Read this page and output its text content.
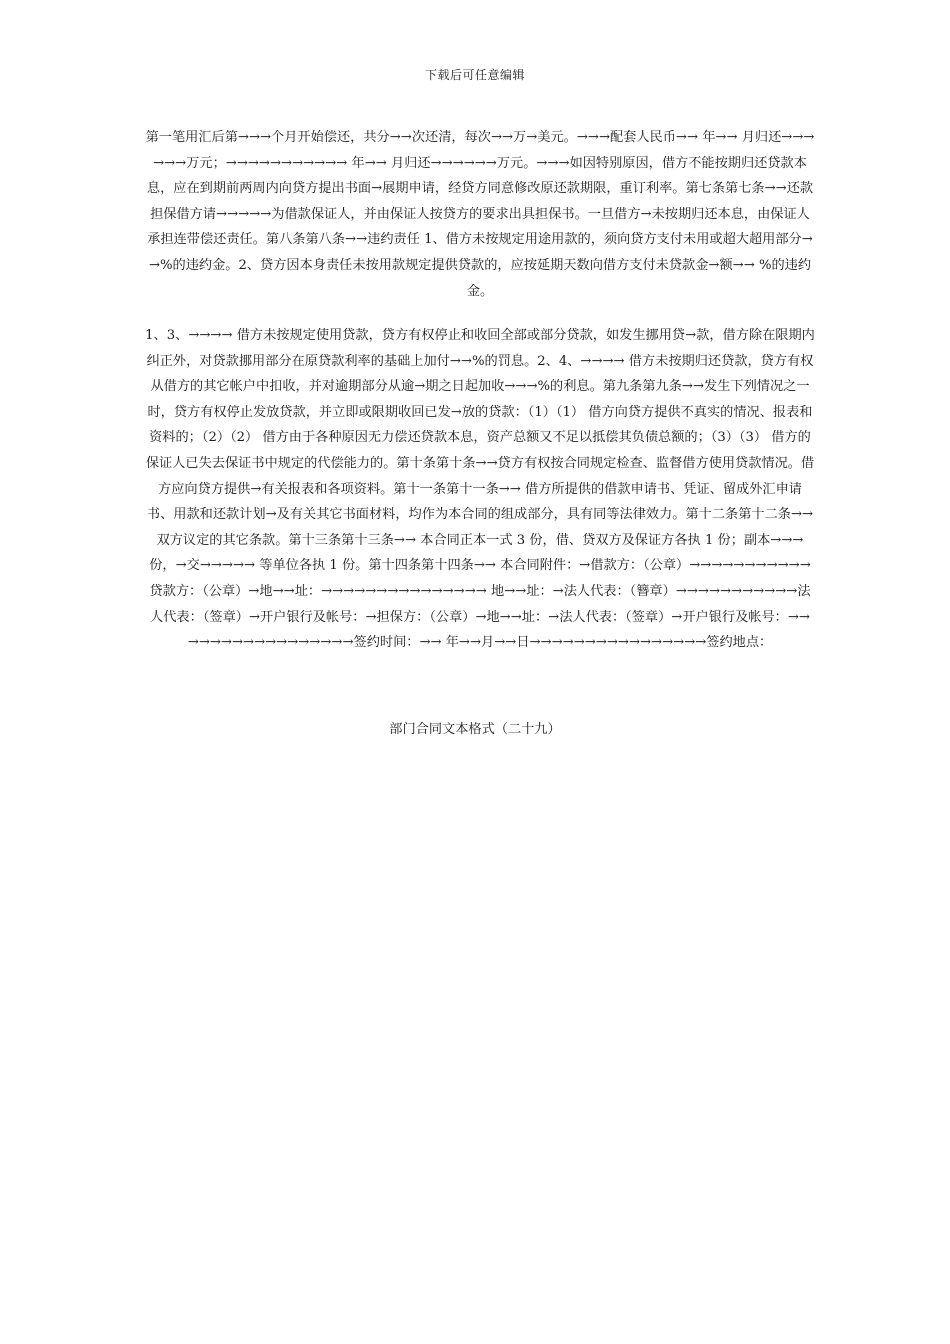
下载后可任意编辑

第一笔用汇后第→→→个月开始偿还，共分→→次还清，每次→→万→美元。→→→配套人民币→→ 年→→ 月归还→→→→→→万元；→→→→→→→→→→→ 年→→ 月归还→→→→→→万元。→→→如因特别原因，借方不能按期归还贷款本息，应在到期前两周内向贷方提出书面→展期申请，经贷方同意修改原还款期限，重订利率。第七条第七条→→还款担保借方请→→→→→为借款保证人，并由保证人按贷方的要求出具担保书。一旦借方→未按期归还本息，由保证人承担连带偿还责任。第八条第八条→→违约责任 1、借方未按规定用途用款的，须向贷方支付未用或超大超用部分→→%的违约金。2、贷方因本身责任未按用款规定提供贷款的，应按延期天数向借方支付未贷款金→额→→ %的违约金。

1、3、→→→→ 借方未按规定使用贷款，贷方有权停止和收回全部或部分贷款，如发生挪用贷→款，借方除在限期内纠正外，对贷款挪用部分在原贷款利率的基础上加付→→%的罚息。2、4、→→→→ 借方未按期归还贷款，贷方有权从借方的其它帐户中扣收，并对逾期部分从逾→期之日起加收→→→%的利息。第九条第九条→→发生下列情况之一时，贷方有权停止发放贷款，并立即或限期收回已发→放的贷款：（1）（1） 借方向贷方提供不真实的情况、报表和资料的；（2）（2） 借方由于各种原因无力偿还贷款本息，资产总额又不足以抵偿其负债总额的；（3）（3） 借方的保证人已失去保证书中规定的代偿能力的。第十条第十条→→贷方有权按合同规定检查、监督借方使用贷款情况。借方应向贷方提供→有关报表和各项资料。第十一条第十一条→→ 借方所提供的借款申请书、凭证、留成外汇申请书、用款和还款计划→及有关其它书面材料，均作为本合同的组成部分，具有同等法律效力。第十二条第十二条→→ 双方议定的其它条款。第十三条第十三条→→ 本合同正本一式 3 份，借、贷双方及保证方各执 1 份；副本→→→份，→交→→→→→ 等单位各执 1 份。第十四条第十四条→→ 本合同附件：→借款方：（公章）→→→→→→→→→→→贷款方：（公章）→地→→址：→→→→→→→→→→→→→→→ 地→→址：→法人代表：（簪章）→→→→→→→→→→→法人代表：（签章）→开户银行及帐号：→担保方：（公章）→地→→址：→法人代表：（签章）→开户银行及帐号：→→→→→→→→→→→→→→→→→签约时间：→→ 年→→月→→日→→→→→→→→→→→→→→→→签约地点：

部门合同文本格式（二十九）
